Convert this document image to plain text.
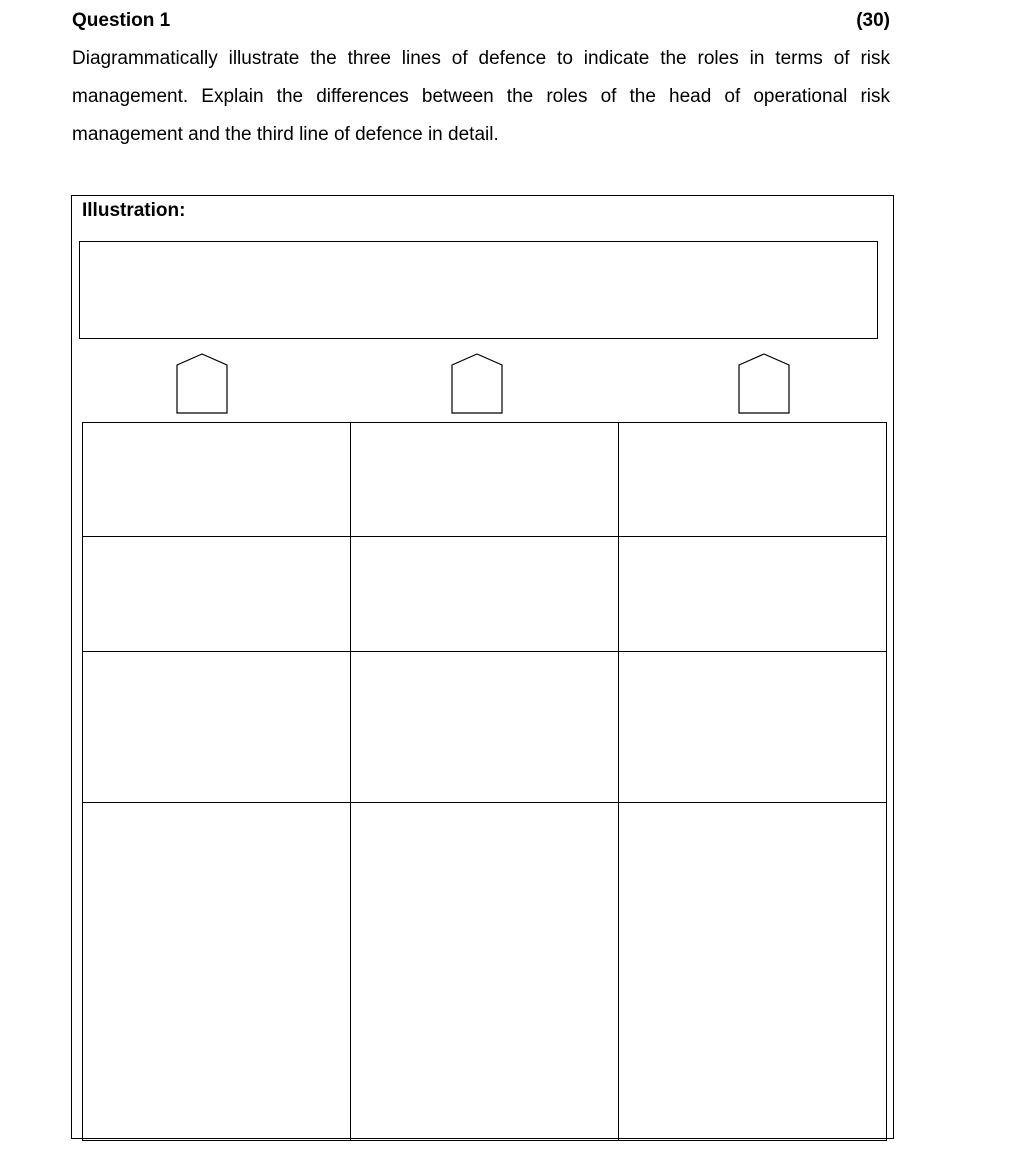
Question 1	(30)

Diagrammatically illustrate the three lines of defence to indicate the roles in terms of risk management. Explain the differences between the roles of the head of operational risk management and the third line of defence in detail.

Illustration:
